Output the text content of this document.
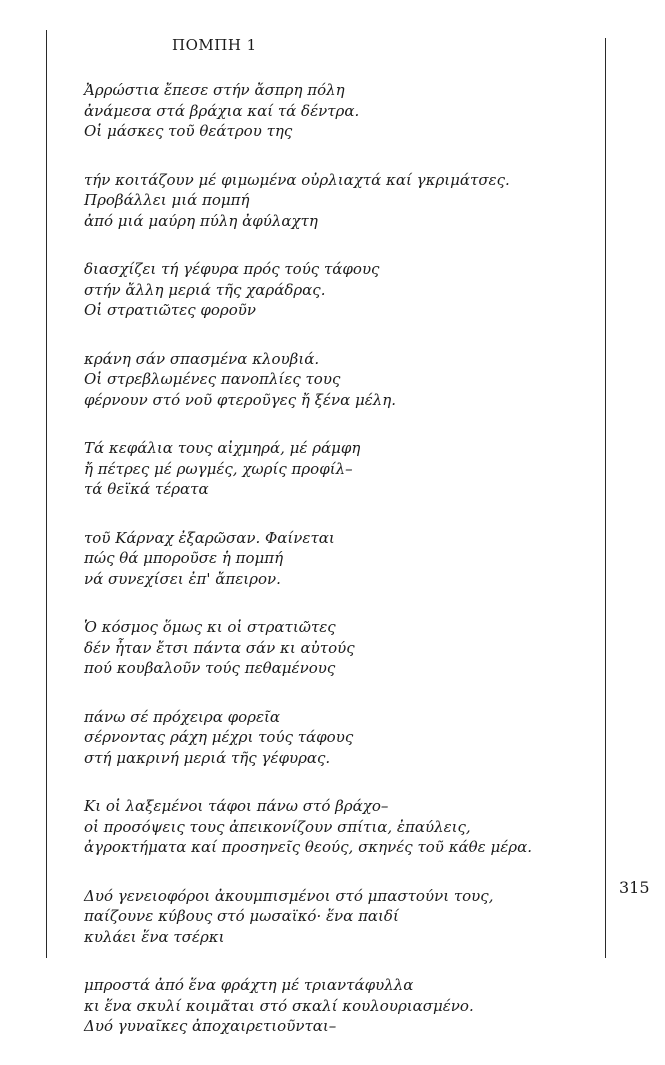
ΠΟΜΠΗ 1
Ἀρρώστια ἔπεσε στήν ἄσπρη πόλη
ἀνάμεσα στά βράχια καί τά δέντρα.
Οἱ μάσκες τοῦ θεάτρου της
τήν κοιτάζουν μέ φιμωμένα οὐρλιαχτά καί γκριμάτσες.
Προβάλλει μιά πομπή
ἀπό μιά μαύρη πύλη ἀφύλαχτη
διασχίζει τή γέφυρα πρός τούς τάφους
στήν ἄλλη μεριά τῆς χαράδρας.
Οἱ στρατιῶτες φοροῦν
κράνη σάν σπασμένα κλουβιά.
Οἱ στρεβλωμένες πανοπλίες τους
φέρνουν στό νοῦ φτεροῦγες ἤ ξένα μέλη.
Τά κεφάλια τους αἰχμηρά, μέ ράμφη
ἤ πέτρες μέ ρωγμές, χωρίς προφίλ–
τά θεϊκά τέρατα
τοῦ Κάρναχ ἐξαρῶσαν. Φαίνεται
πώς θά μποροῦσε ἡ πομπή
νά συνεχίσει ἐπ' ἄπειρον.
Ὁ κόσμος ὅμως κι οἱ στρατιῶτες
δέν ἦταν ἔτσι πάντα σάν κι αὐτούς
πού κουβαλοῦν τούς πεθαμένους
πάνω σέ πρόχειρα φορεῖα
σέρνοντας ράχη μέχρι τούς τάφους
στή μακρινή μεριά τῆς γέφυρας.
Κι οἱ λαξεμένοι τάφοι πάνω στό βράχο–
οἱ προσόψεις τους ἀπεικονίζουν σπίτια, ἐπαύλεις,
ἀγροκτήματα καί προσηνεῖς θεούς, σκηνές τοῦ κάθε μέρα.
Δυό γενειοφόροι ἀκουμπισμένοι στό μπαστούνι τους,
παίζουνε κύβους στό μωσαϊκό· ἕνα παιδί
κυλάει ἕνα τσέρκι
μπροστά ἀπό ἕνα φράχτη μέ τριαντάφυλλα
κι ἕνα σκυλί κοιμᾶται στό σκαλί κουλουριασμένο.
Δυό γυναῖκες ἀποχαιρετιοῦνται–
315
